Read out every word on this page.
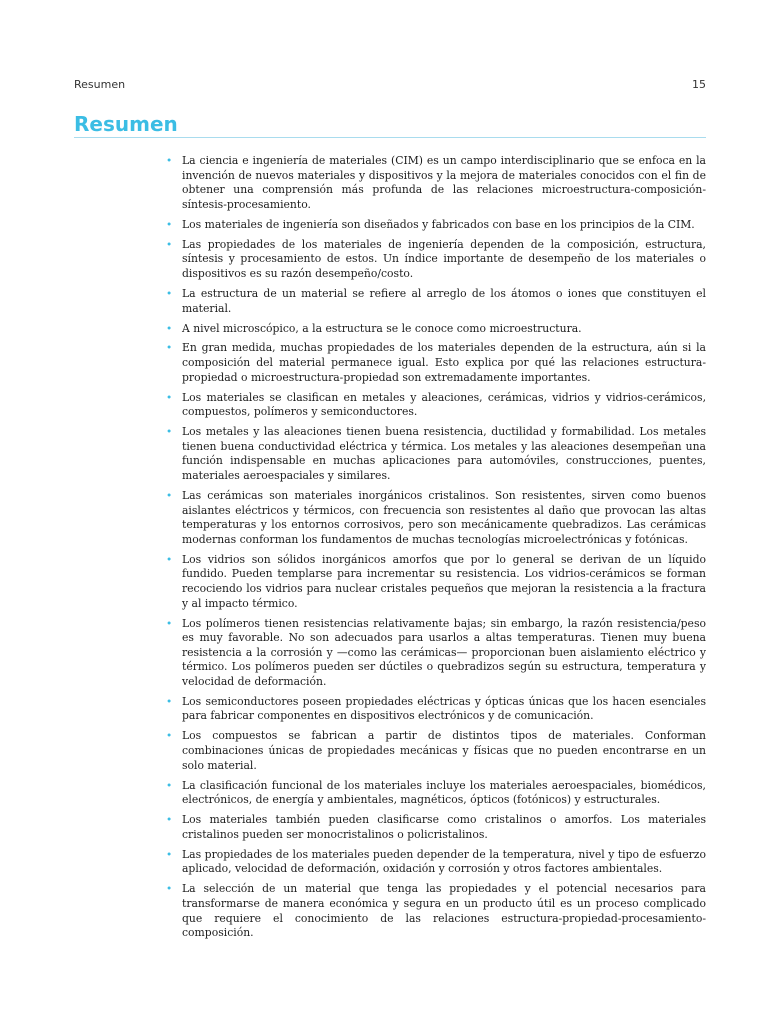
Resumen	15
Resumen
• La ciencia e ingeniería de materiales (CIM) es un campo interdisciplinario que se enfoca en la invención de nuevos materiales y dispositivos y la mejora de materiales conocidos con el fin de obtener una comprensión más profunda de las relaciones microestructura-composición-síntesis-procesamiento.
• Los materiales de ingeniería son diseñados y fabricados con base en los principios de la CIM.
• Las propiedades de los materiales de ingeniería dependen de la composición, estructura, síntesis y procesamiento de estos. Un índice importante de desempeño de los materiales o dispositivos es su razón desempeño/costo.
• La estructura de un material se refiere al arreglo de los átomos o iones que constituyen el material.
• A nivel microscópico, a la estructura se le conoce como microestructura.
• En gran medida, muchas propiedades de los materiales dependen de la estructura, aún si la composición del material permanece igual. Esto explica por qué las relaciones estructura-propiedad o microestructura-propiedad son extremadamente importantes.
• Los materiales se clasifican en metales y aleaciones, cerámicas, vidrios y vidrios-cerámicos, compuestos, polímeros y semiconductores.
• Los metales y las aleaciones tienen buena resistencia, ductilidad y formabilidad. Los metales tienen buena conductividad eléctrica y térmica. Los metales y las aleaciones desempeñan una función indispensable en muchas aplicaciones para automóviles, construcciones, puentes, materiales aeroespaciales y similares.
• Las cerámicas son materiales inorgánicos cristalinos. Son resistentes, sirven como buenos aislantes eléctricos y térmicos, con frecuencia son resistentes al daño que provocan las altas temperaturas y los entornos corrosivos, pero son mecánicamente quebradizos. Las cerámicas modernas conforman los fundamentos de muchas tecnologías microelectrónicas y fotónicas.
• Los vidrios son sólidos inorgánicos amorfos que por lo general se derivan de un líquido fundido. Pueden templarse para incrementar su resistencia. Los vidrios-cerámicos se forman recociendo los vidrios para nuclear cristales pequeños que mejoran la resistencia a la fractura y al impacto térmico.
• Los polímeros tienen resistencias relativamente bajas; sin embargo, la razón resistencia/peso es muy favorable. No son adecuados para usarlos a altas temperaturas. Tienen muy buena resistencia a la corrosión y —como las cerámicas— proporcionan buen aislamiento eléctrico y térmico. Los polímeros pueden ser dúctiles o quebradizos según su estructura, temperatura y velocidad de deformación.
• Los semiconductores poseen propiedades eléctricas y ópticas únicas que los hacen esenciales para fabricar componentes en dispositivos electrónicos y de comunicación.
• Los compuestos se fabrican a partir de distintos tipos de materiales. Conforman combinaciones únicas de propiedades mecánicas y físicas que no pueden encontrarse en un solo material.
• La clasificación funcional de los materiales incluye los materiales aeroespaciales, biomédicos, electrónicos, de energía y ambientales, magnéticos, ópticos (fotónicos) y estructurales.
• Los materiales también pueden clasificarse como cristalinos o amorfos. Los materiales cristalinos pueden ser monocristalinos o policristalinos.
• Las propiedades de los materiales pueden depender de la temperatura, nivel y tipo de esfuerzo aplicado, velocidad de deformación, oxidación y corrosión y otros factores ambientales.
• La selección de un material que tenga las propiedades y el potencial necesarios para transformarse de manera económica y segura en un producto útil es un proceso complicado que requiere el conocimiento de las relaciones estructura-propiedad-procesamiento-composición.
